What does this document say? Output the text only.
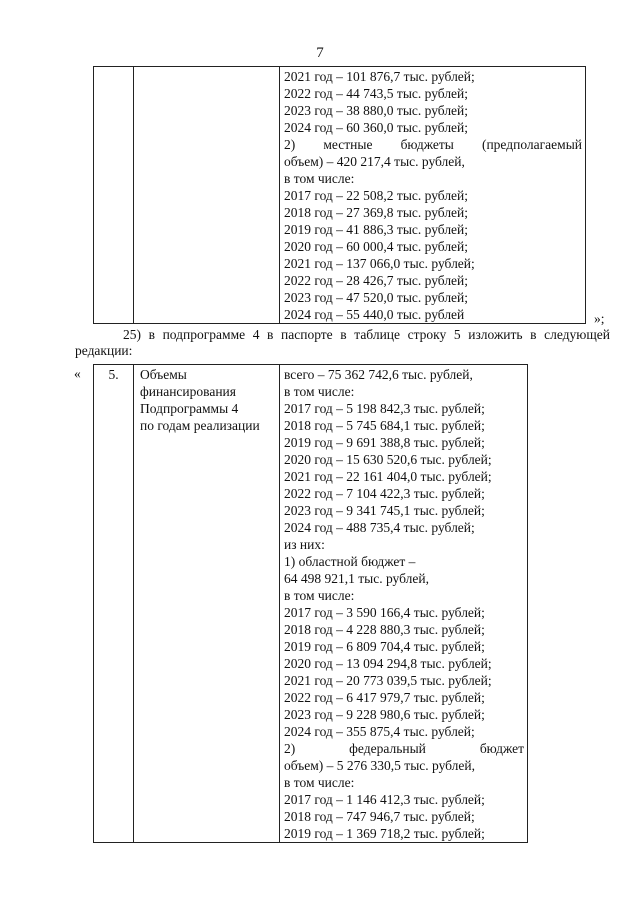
7

2021 год – 101 876,7 тыс. рублей;
2022 год – 44 743,5 тыс. рублей;
2023 год – 38 880,0 тыс. рублей;
2024 год – 60 360,0 тыс. рублей;
2) местные бюджеты (предполагаемый
объем) – 420 217,4 тыс. рублей,
в том числе:
2017 год – 22 508,2 тыс. рублей;
2018 год – 27 369,8 тыс. рублей;
2019 год – 41 886,3 тыс. рублей;
2020 год – 60 000,4 тыс. рублей;
2021 год – 137 066,0 тыс. рублей;
2022 год – 28 426,7 тыс. рублей;
2023 год – 47 520,0 тыс. рублей;
2024 год – 55 440,0 тыс. рублей	»;
25) в подпрограмме 4 в паспорте в таблице строку 5 изложить в следующей
редакции:
«	5.	Объемы
финансирования
Подпрограммы 4
по годам реализации

всего – 75 362 742,6 тыс. рублей,
в том числе:
2017 год – 5 198 842,3 тыс. рублей;
2018 год – 5 745 684,1 тыс. рублей;
2019 год – 9 691 388,8 тыс. рублей;
2020 год – 15 630 520,6 тыс. рублей;
2021 год – 22 161 404,0 тыс. рублей;
2022 год – 7 104 422,3 тыс. рублей;
2023 год – 9 341 745,1 тыс. рублей;
2024 год – 488 735,4 тыс. рублей;
из них:
1) областной бюджет –
64 498 921,1 тыс. рублей,
в том числе:
2017 год – 3 590 166,4 тыс. рублей;
2018 год – 4 228 880,3 тыс. рублей;
2019 год – 6 809 704,4 тыс. рублей;
2020 год – 13 094 294,8 тыс. рублей;
2021 год – 20 773 039,5 тыс. рублей;
2022 год – 6 417 979,7 тыс. рублей;
2023 год – 9 228 980,6 тыс. рублей;
2024 год – 355 875,4 тыс. рублей;
2) федеральный бюджет
объем) – 5 276 330,5 тыс. рублей,
в том числе:
2017 год – 1 146 412,3 тыс. рублей;
2018 год – 747 946,7 тыс. рублей;
2019 год – 1 369 718,2 тыс. рублей;
